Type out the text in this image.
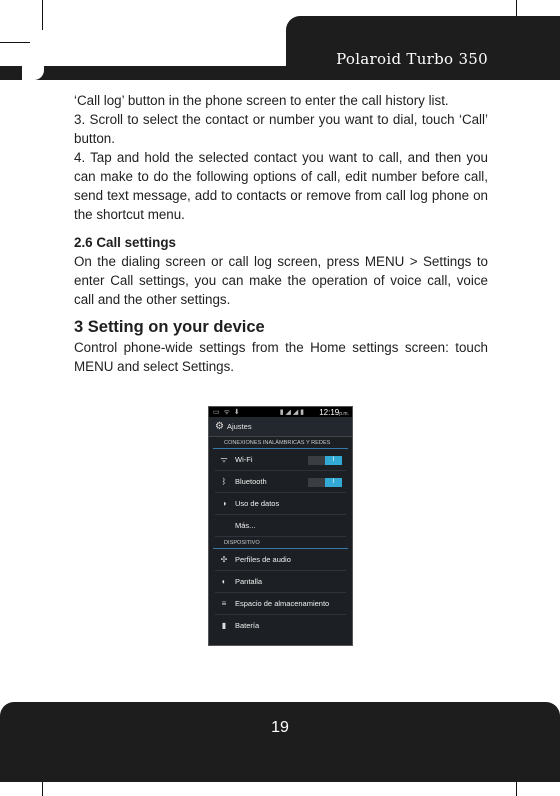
Polaroid Turbo 350

‘Call log’ button in the phone screen to enter the call history list.

3. Scroll to select the contact or number you want to dial, touch ‘Call’ button.

4. Tap and hold the selected contact you want to call, and then you can make to do the following options of call, edit number before call, send text message, add to contacts or remove from call log phone on the shortcut menu.

2.6 Call settings

On the dialing screen or call log screen, press MENU > Settings to enter Call settings, you can make the operation of voice call, voice call and the other settings.

3 Setting on your device

Control phone-wide settings from the Home settings screen: touch MENU and select Settings.

▭  ᯤ  ⬇	▮ ◢ ◢ ▮ 12:19p.m.
⚙ Ajustes
CONEXIONES INALÁMBRICAS Y REDES
ᯤ Wi-Fi	I
ᛒ	Bluetooth	I
◑	Uso de datos
Más...
DISPOSITIVO
✣	Perfiles de audio
◐	Pantalla
≡	Espacio de almacenamiento
▮	Batería
19
